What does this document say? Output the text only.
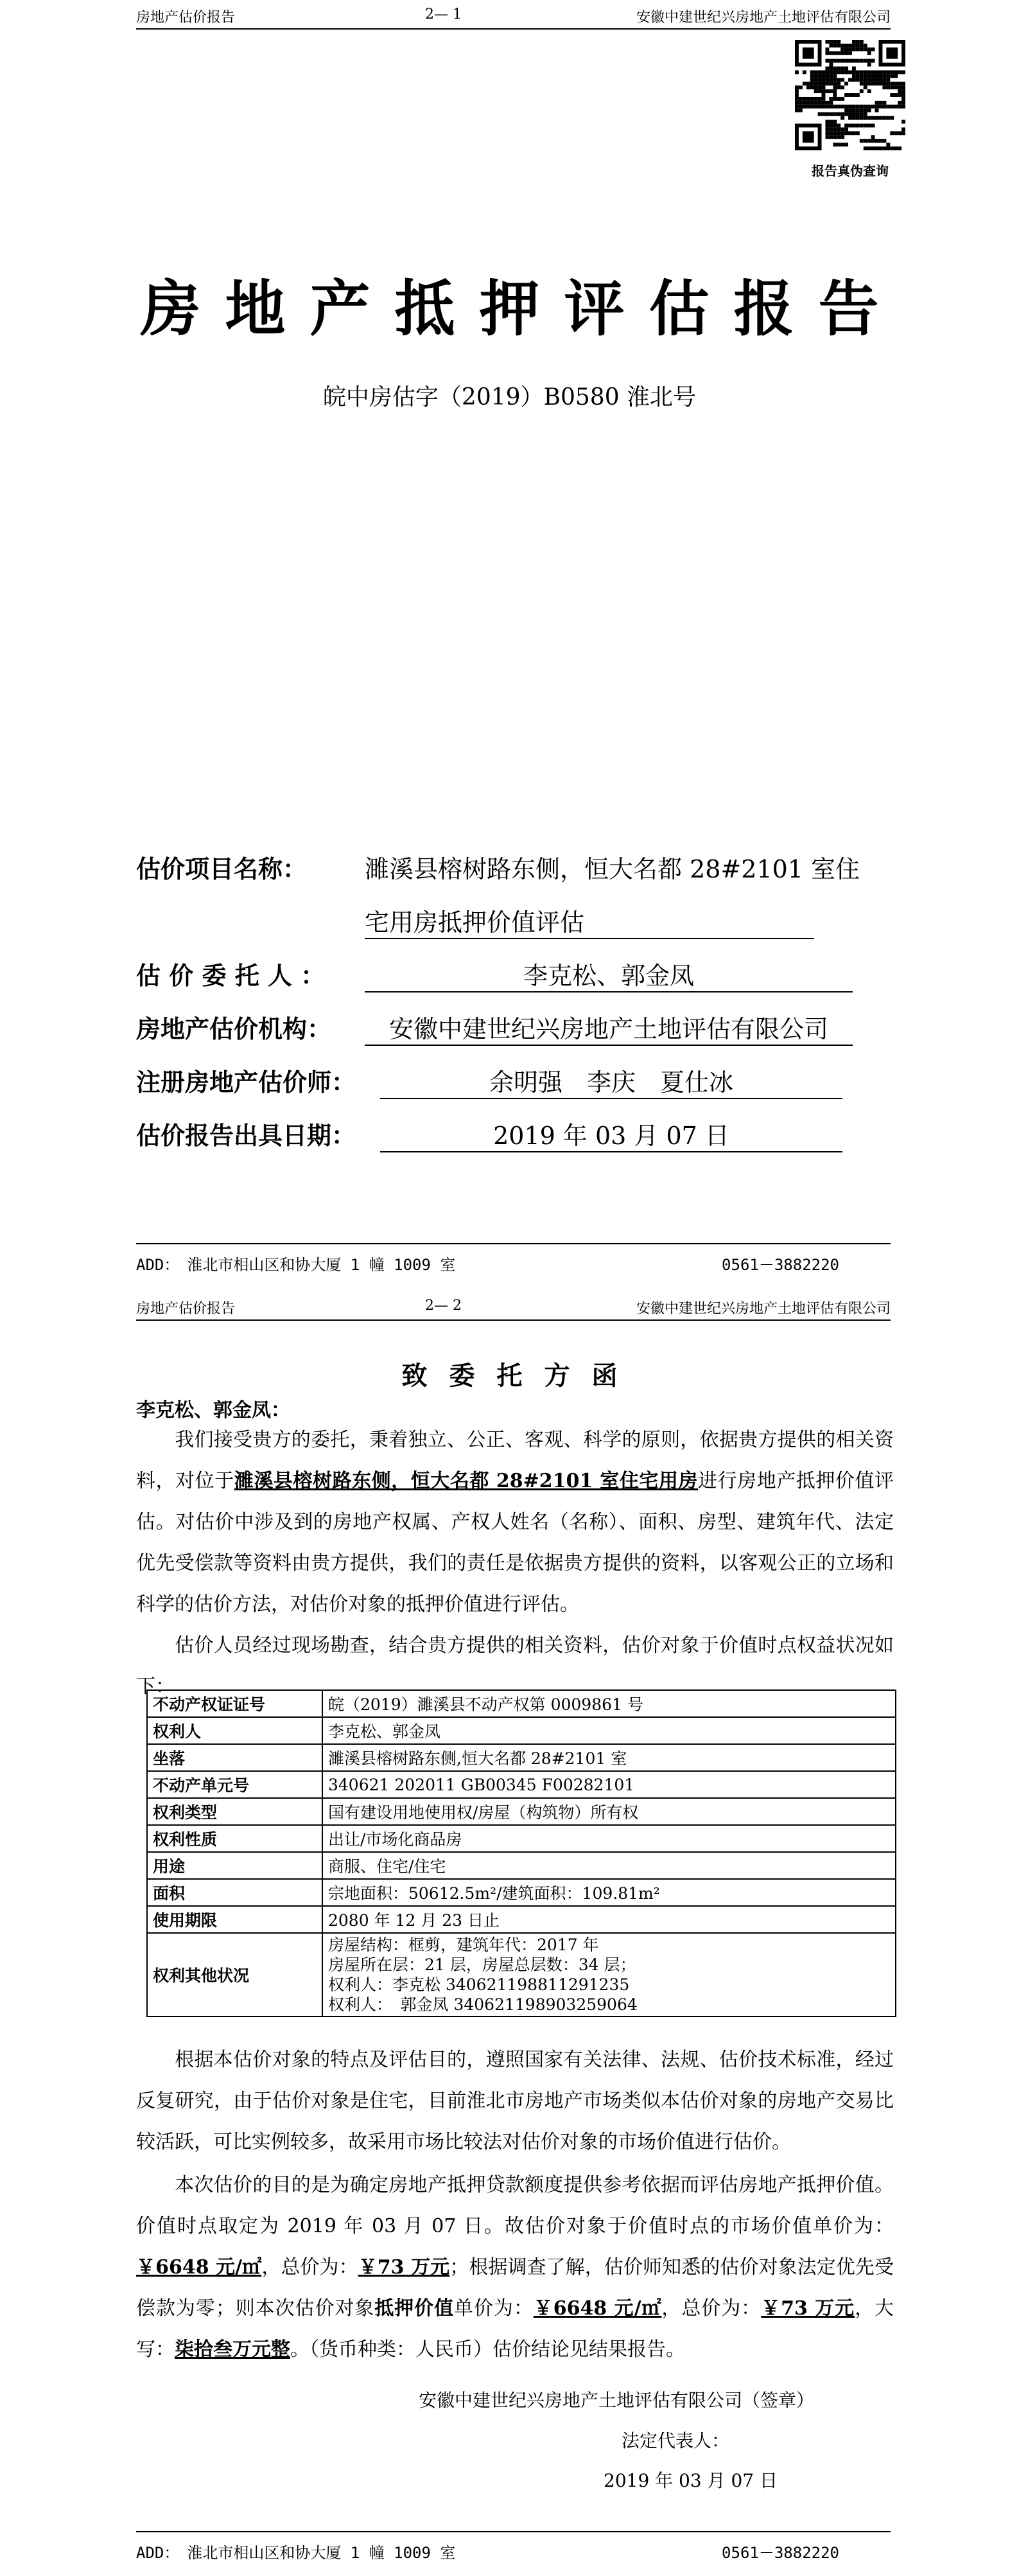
房地产估价报告	2— 1	安徽中建世纪兴房地产土地评估有限公司
报告真伪查询
房地产抵押评估报告
皖中房估字（2019）B0580 淮北号
估价项目名称： 濉溪县榕树路东侧，恒大名都 28#2101 室住
宅用房抵押价值评估
估 价 委 托 人 ：	李克松、郭金凤
房地产估价机构：	安徽中建世纪兴房地产土地评估有限公司
注册房地产估价师：	余明强　李庆　夏仕冰
估价报告出具日期：	2019 年 03 月 07 日
ADD：　淮北市相山区和协大厦 1 幢 1009 室	0561－3882220
房地产估价报告	2— 2	安徽中建世纪兴房地产土地评估有限公司
致委托方函
李克松、郭金凤：
我们接受贵方的委托，秉着独立、公正、客观、科学的原则，依据贵方提供的相关资料，对位于濉溪县榕树路东侧，恒大名都 28#2101 室住宅用房进行房地产抵押价值评估。对估价中涉及到的房地产权属、产权人姓名（名称）、面积、房型、建筑年代、法定优先受偿款等资料由贵方提供，我们的责任是依据贵方提供的资料，以客观公正的立场和科学的估价方法，对估价对象的抵押价值进行评估。
估价人员经过现场勘查，结合贵方提供的相关资料，估价对象于价值时点权益状况如下：
不动产权证证号	皖（2019）濉溪县不动产权第 0009861 号
权利人	李克松、郭金凤
坐落	濉溪县榕树路东侧,恒大名都 28#2101 室
不动产单元号	340621 202011 GB00345 F00282101
权利类型	国有建设用地使用权/房屋（构筑物）所有权
权利性质	出让/市场化商品房
用途	商服、住宅/住宅
面积	宗地面积：50612.5m²/建筑面积：109.81m²
使用期限	2080 年 12 月 23 日止
权利其他状况	房屋结构：框剪，建筑年代：2017 年
房屋所在层：21 层，房屋总层数：34 层；
权利人：李克松 340621198811291235
权利人：　郭金凤 340621198903259064
根据本估价对象的特点及评估目的，遵照国家有关法律、法规、估价技术标准，经过反复研究，由于估价对象是住宅，目前淮北市房地产市场类似本估价对象的房地产交易比较活跃，可比实例较多，故采用市场比较法对估价对象的市场价值进行估价。
本次估价的目的是为确定房地产抵押贷款额度提供参考依据而评估房地产抵押价值。价值时点取定为 2019 年 03 月 07 日。故估价对象于价值时点的市场价值单价为：￥6648 元/㎡，总价为：￥73 万元；根据调查了解，估价师知悉的估价对象法定优先受偿款为零；则本次估价对象抵押价值单价为：￥6648 元/㎡，总价为：￥73 万元，大写：柒拾叁万元整。（货币种类：人民币）估价结论见结果报告。
安徽中建世纪兴房地产土地评估有限公司（签章）
法定代表人：
2019 年 03 月 07 日
ADD：　淮北市相山区和协大厦 1 幢 1009 室	0561－3882220
